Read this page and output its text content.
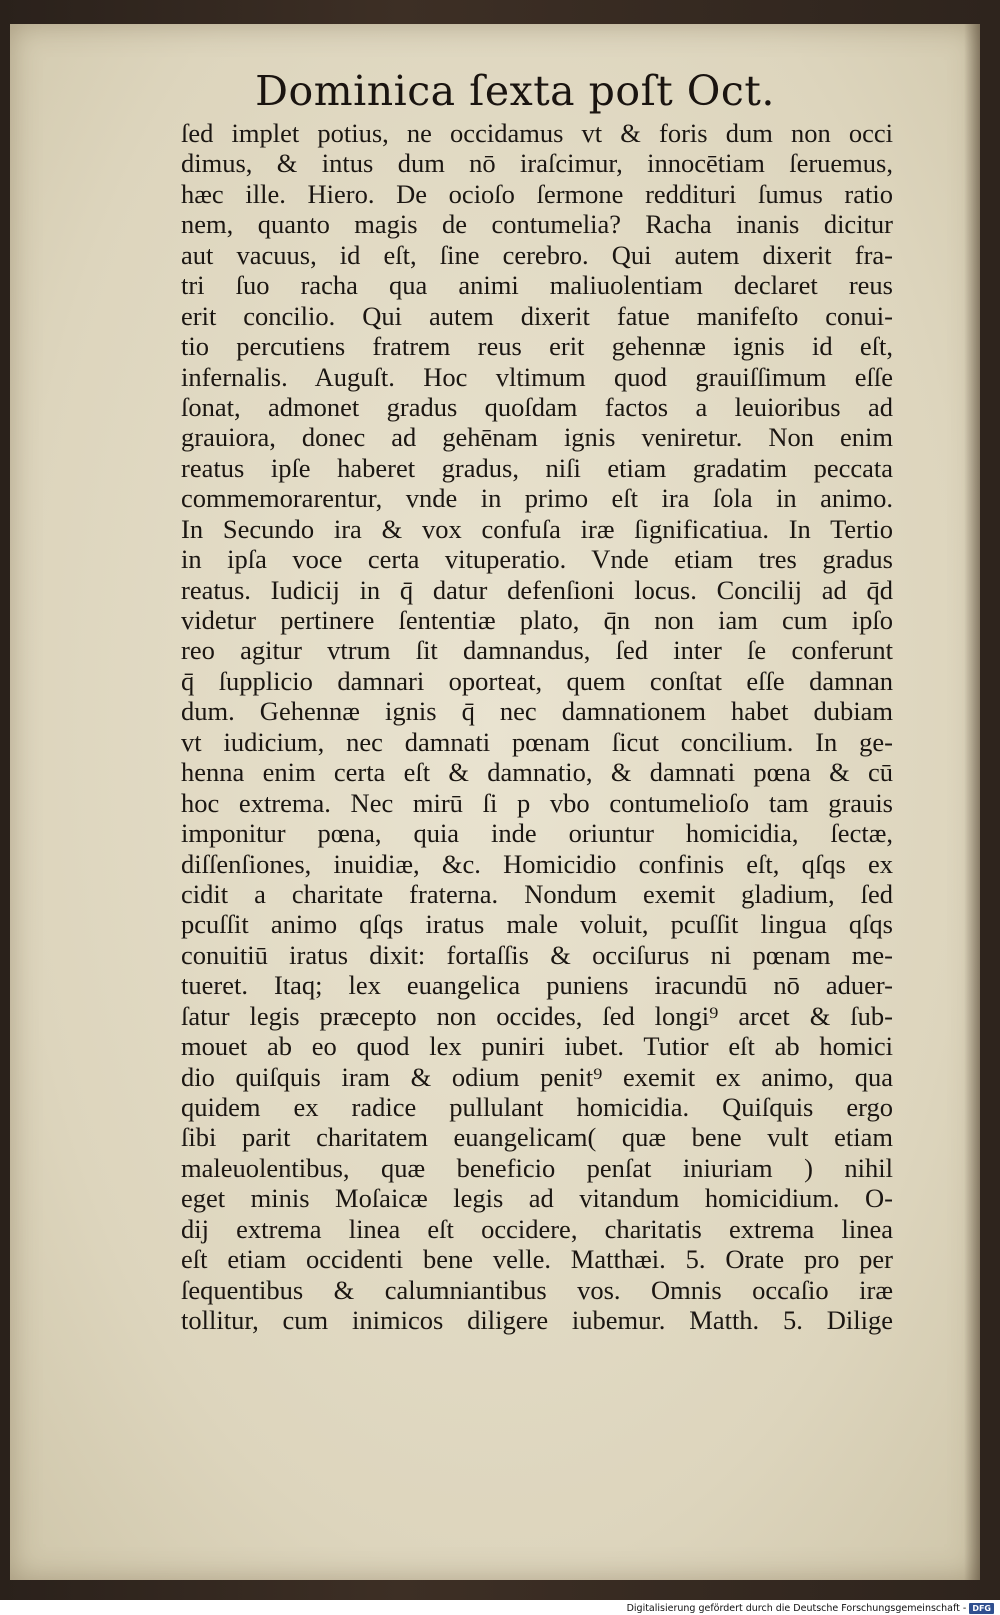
Dominica ſexta poſt Oct.
ſed implet potius, ne occidamus vt & foris dum non occi
dimus, & intus dum nō iraſcimur, innocētiam ſeruemus,
hæc ille. Hiero. De ocioſo ſermone reddituri ſumus ratio
nem, quanto magis de contumelia? Racha inanis dicitur
aut vacuus, id eſt, ſine cerebro. Qui autem dixerit fra-
tri ſuo racha qua animi maliuolentiam declaret reus
erit concilio. Qui autem dixerit fatue manifeſto conui-
tio percutiens fratrem reus erit gehennæ ignis id eſt,
infernalis. Auguſt. Hoc vltimum quod grauiſſimum eſſe
ſonat, admonet gradus quoſdam factos a leuioribus ad
grauiora, donec ad gehēnam ignis veniretur. Non enim
reatus ipſe haberet gradus, niſi etiam gradatim peccata
commemorarentur, vnde in primo eſt ira ſola in animo.
In Secundo ira & vox confuſa iræ ſignificatiua. In Tertio
in ipſa voce certa vituperatio. Vnde etiam tres gradus
reatus. Iudicij in q̄ datur defenſioni locus. Concilij ad q̄d
videtur pertinere ſententiæ plato, q̄n non iam cum ipſo
reo agitur vtrum ſit damnandus, ſed inter ſe conferunt
q̄ ſupplicio damnari oporteat, quem conſtat eſſe damnan
dum. Gehennæ ignis q̄ nec damnationem habet dubiam
vt iudicium, nec damnati pœnam ſicut concilium. In ge-
henna enim certa eſt & damnatio, & damnati pœna & cū
hoc extrema. Nec mirū ſi p vbo contumelioſo tam grauis
imponitur pœna, quia inde oriuntur homicidia, ſectæ,
diſſenſiones, inuidiæ, &c. Homicidio confinis eſt, qſqs ex
cidit a charitate fraterna. Nondum exemit gladium, ſed
pcuſſit animo qſqs iratus male voluit, pcuſſit lingua qſqs
conuitiū iratus dixit: fortaſſis & occiſurus ni pœnam me-
tueret. Itaq; lex euangelica puniens iracundū nō aduer-
ſatur legis præcepto non occides, ſed longi⁹ arcet & ſub-
mouet ab eo quod lex puniri iubet. Tutior eſt ab homici
dio quiſquis iram & odium penit⁹ exemit ex animo, qua
quidem ex radice pullulant homicidia. Quiſquis ergo
ſibi parit charitatem euangelicam( quæ bene vult etiam
maleuolentibus, quæ beneficio penſat iniuriam ) nihil
eget minis Moſaicæ legis ad vitandum homicidium. O-
dij extrema linea eſt occidere, charitatis extrema linea
eſt etiam occidenti bene velle. Matthæi. 5. Orate pro per
ſequentibus & calumniantibus vos. Omnis occaſio iræ
tollitur, cum inimicos diligere iubemur. Matth. 5. Dilige
Digitalisierung gefördert durch die Deutsche Forschungsgemeinschaft - DFG
